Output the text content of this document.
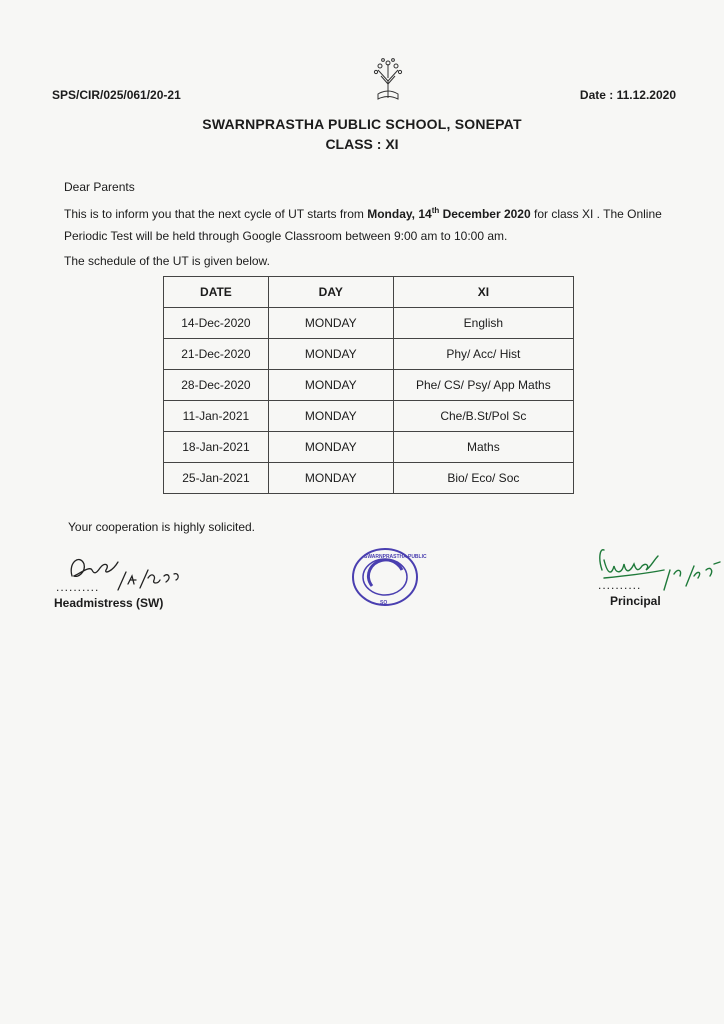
SPS/CIR/025/061/20-21	Date : 11.12.2020
SWARNPRASTHA PUBLIC SCHOOL, SONEPAT
CLASS : XI
Dear Parents
This is to inform you that the next cycle of UT starts from Monday, 14th December 2020 for class XI . The Online
Periodic Test will be held through Google Classroom between 9:00 am to 10:00 am.
The schedule of the UT is given below.
DATE	DAY	XI
14-Dec-2020	MONDAY	English
21-Dec-2020	MONDAY	Phy/ Acc/ Hist
28-Dec-2020	MONDAY	Phe/ CS/ Psy/ App Maths
11-Jan-2021	MONDAY	Che/B.St/Pol Sc
18-Jan-2021	MONDAY	Maths
25-Jan-2021	MONDAY	Bio/ Eco/ Soc
Your cooperation is highly solicited.
..........
Headmistress (SW)
SWARNPRASTHA PUBLIC
SO
..........
Principal
